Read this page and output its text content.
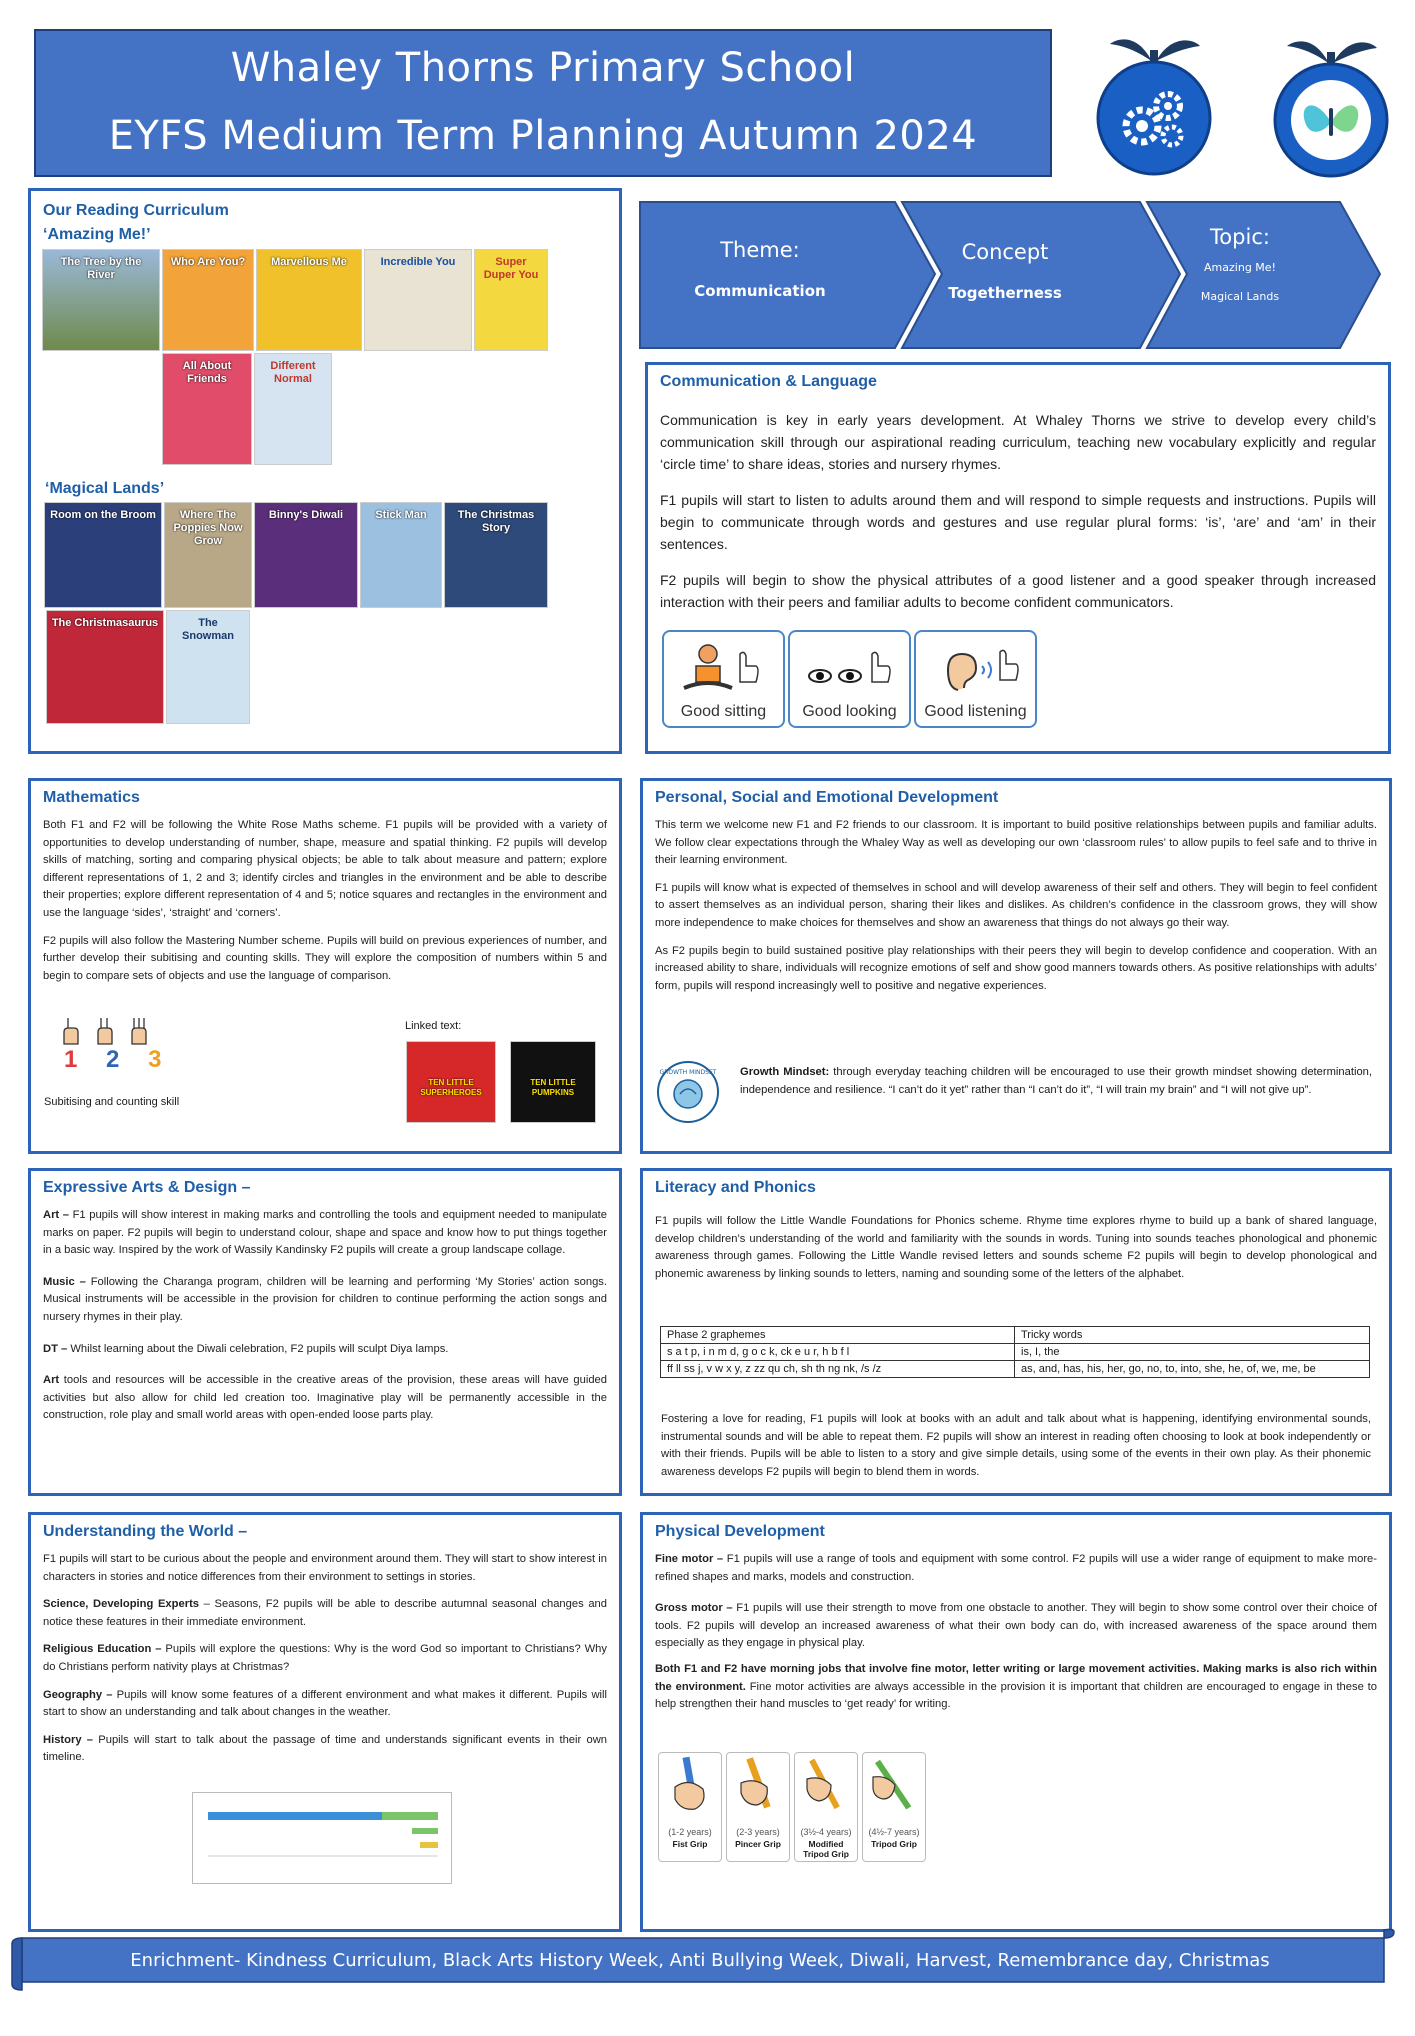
Whaley Thorns Primary School
EYFS Medium Term Planning Autumn 2024
Our Reading Curriculum
‘Amazing Me!’
‘Magical Lands’
The Tree by the River
Who Are You?	Marvellous Me	Incredible You	Super Duper You
All About Friends
Different Normal
Room on the Broom	Where The Poppies Now Grow
Binny's Diwali	Stick Man	The Christmas Story
The Christmasaurus	The Snowman
Theme:
Communication
Concept
Togetherness
Topic:
Amazing Me!
Magical Lands
Communication & Language

Communication is key in early years development. At Whaley Thorns we strive to develop every child’s communication skill through our aspirational reading curriculum, teaching new vocabulary explicitly and regular ‘circle time’ to share ideas, stories and nursery rhymes.

F1 pupils will start to listen to adults around them and will respond to simple requests and instructions. Pupils will begin to communicate through words and gestures and use regular plural forms: ‘is’, ‘are’ and ‘am’ in their sentences.

F2 pupils will begin to show the physical attributes of a good listener and a good speaker through increased interaction with their peers and familiar adults to become confident communicators.

Good sitting	Good looking	Good listening
Mathematics

Both F1 and F2 will be following the White Rose Maths scheme. F1 pupils will be provided with a variety of opportunities to develop understanding of number, shape, measure and spatial thinking. F2 pupils will develop skills of matching, sorting and comparing physical objects; be able to talk about measure and pattern; explore different representations of 1, 2 and 3; identify circles and triangles in the environment and be able to describe their properties; explore different representation of 4 and 5; notice squares and rectangles in the environment and use the language ‘sides’, ‘straight’ and ‘corners’.

F2 pupils will also follow the Mastering Number scheme. Pupils will build on previous experiences of number, and further develop their subitising and counting skills. They will explore the composition of numbers within 5 and begin to compare sets of objects and use the language of comparison.

1 2 3
Subitising and counting skill
Linked text:
TEN LITTLE SUPERHEROES
TEN LITTLE PUMPKINS
Personal, Social and Emotional Development

This term we welcome new F1 and F2 friends to our classroom. It is important to build positive relationships between pupils and familiar adults. We follow clear expectations through the Whaley Way as well as developing our own ‘classroom rules’ to allow pupils to feel safe and to thrive in their learning environment.

F1 pupils will know what is expected of themselves in school and will develop awareness of their self and others. They will begin to feel confident to assert themselves as an individual person, sharing their likes and dislikes. As children’s confidence in the classroom grows, they will show more independence to make choices for themselves and show an awareness that things do not always go their way.

As F2 pupils begin to build sustained positive play relationships with their peers they will begin to develop confidence and cooperation. With an increased ability to share, individuals will recognize emotions of self and show good manners towards others. As positive relationships with adults’ form, pupils will respond increasingly well to positive and negative experiences.

GROWTH MINDSET Growth Mindset: through everyday teaching children will be encouraged to use their growth mindset showing determination, independence and resilience. “I can’t do it yet” rather than “I can’t do it”, “I will train my brain” and “I will not give up”.
Expressive Arts & Design –

Art – F1 pupils will show interest in making marks and controlling the tools and equipment needed to manipulate marks on paper. F2 pupils will begin to understand colour, shape and space and know how to put things together in a basic way. Inspired by the work of Wassily Kandinsky F2 pupils will create a group landscape collage.

Music – Following the Charanga program, children will be learning and performing ‘My Stories’ action songs. Musical instruments will be accessible in the provision for children to continue performing the action songs and nursery rhymes in their play.

DT – Whilst learning about the Diwali celebration, F2 pupils will sculpt Diya lamps.

Art tools and resources will be accessible in the creative areas of the provision, these areas will have guided activities but also allow for child led creation too. Imaginative play will be permanently accessible in the construction, role play and small world areas with open-ended loose parts play.

Literacy and Phonics

F1 pupils will follow the Little Wandle Foundations for Phonics scheme. Rhyme time explores rhyme to build up a bank of shared language, develop children’s understanding of the world and familiarity with the sounds in words. Tuning into sounds teaches phonological and phonemic awareness through games. Following the Little Wandle revised letters and sounds scheme F2 pupils will begin to develop phonological and phonemic awareness by linking sounds to letters, naming and sounding some of the letters of the alphabet.

Fostering a love for reading, F1 pupils will look at books with an adult and talk about what is happening, identifying environmental sounds, instrumental sounds and will be able to repeat them. F2 pupils will show an interest in reading often choosing to look at book independently or with their friends. Pupils will be able to listen to a story and give simple details, using some of the events in their own play. As their phonemic awareness develops F2 pupils will begin to blend them in words.

Phase 2 graphemes	Tricky words
s a t p, i n m d, g o c k, ck e u r, h b f l	is, I, the
ff ll ss j, v w x y, z zz qu ch, sh th ng nk, /s /z	as, and, has, his, her, go, no, to, into, she, he, of, we, me, be
Understanding the World –

F1 pupils will start to be curious about the people and environment around them. They will start to show interest in characters in stories and notice differences from their environment to settings in stories.

Science, Developing Experts – Seasons, F2 pupils will be able to describe autumnal seasonal changes and notice these features in their immediate environment.

Religious Education – Pupils will explore the questions: Why is the word God so important to Christians? Why do Christians perform nativity plays at Christmas?

Geography – Pupils will know some features of a different environment and what makes it different. Pupils will start to show an understanding and talk about changes in the weather.

History – Pupils will start to talk about the passage of time and understands significant events in their own timeline.

Physical Development

Fine motor – F1 pupils will use a range of tools and equipment with some control. F2 pupils will use a wider range of equipment to make more-refined shapes and marks, models and construction.

Gross motor – F1 pupils will use their strength to move from one obstacle to another. They will begin to show some control over their choice of tools. F2 pupils will develop an increased awareness of what their own body can do, with increased awareness of the space around them especially as they engage in physical play.

Both F1 and F2 have morning jobs that involve fine motor, letter writing or large movement activities. Making marks is also rich within the environment. Fine motor activities are always accessible in the provision it is important that children are encouraged to engage in these to help strengthen their hand muscles to ‘get ready’ for writing.

(1-2 years)
Fist Grip
(2-3 years)
Pincer Grip
(3½-4 years)
Modified Tripod Grip
(4½-7 years)
Tripod Grip
Enrichment- Kindness Curriculum, Black Arts History Week, Anti Bullying Week, Diwali, Harvest, Remembrance day, Christmas performance.
